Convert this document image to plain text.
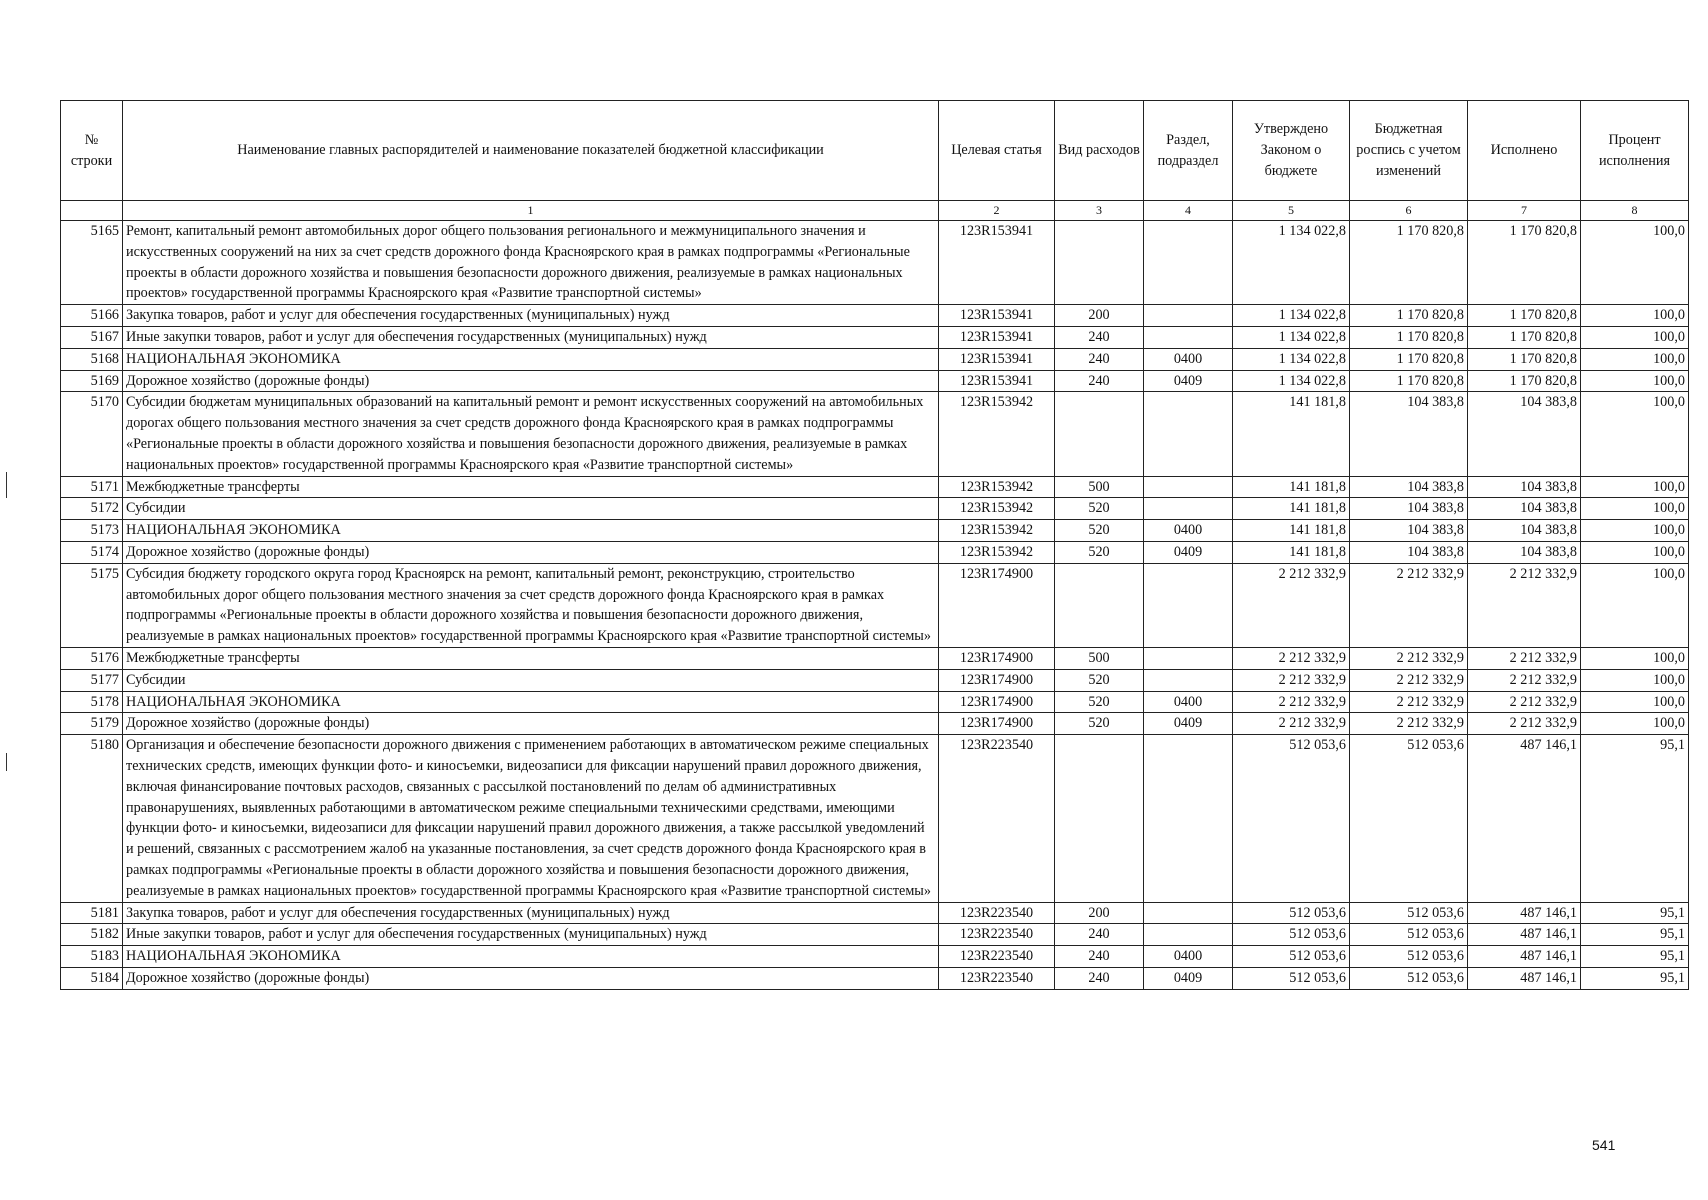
№ строки	Наименование главных распорядителей и наименование показателей бюджетной классификации	Целевая статья	Вид расходов	Раздел, подраздел	Утверждено Законом о бюджете	Бюджетная роспись с учетом изменений	Исполнено	Процент исполнения
	1	2	3	4	5	6	7	8
5165	Ремонт, капитальный ремонт автомобильных дорог общего пользования регионального и межмуниципального значения и искусственных сооружений на них за счет средств дорожного фонда Красноярского края в рамках подпрограммы «Региональные проекты в области дорожного хозяйства и повышения безопасности дорожного движения, реализуемые в рамках национальных проектов» государственной программы Красноярского края «Развитие транспортной системы»	123R153941			1 134 022,8	1 170 820,8	1 170 820,8	100,0
5166	Закупка товаров, работ и услуг для обеспечения государственных (муниципальных) нужд	123R153941	200		1 134 022,8	1 170 820,8	1 170 820,8	100,0
5167	Иные закупки товаров, работ и услуг для обеспечения государственных (муниципальных) нужд	123R153941	240		1 134 022,8	1 170 820,8	1 170 820,8	100,0
5168	НАЦИОНАЛЬНАЯ ЭКОНОМИКА	123R153941	240	0400	1 134 022,8	1 170 820,8	1 170 820,8	100,0
5169	Дорожное хозяйство (дорожные фонды)	123R153941	240	0409	1 134 022,8	1 170 820,8	1 170 820,8	100,0
5170	Субсидии бюджетам муниципальных образований на капитальный ремонт и ремонт искусственных сооружений на автомобильных дорогах общего пользования местного значения за счет средств дорожного фонда Красноярского края в рамках подпрограммы «Региональные проекты в области дорожного хозяйства и повышения безопасности дорожного движения, реализуемые в рамках национальных проектов» государственной программы Красноярского края «Развитие транспортной системы»	123R153942			141 181,8	104 383,8	104 383,8	100,0
5171	Межбюджетные трансферты	123R153942	500		141 181,8	104 383,8	104 383,8	100,0
5172	Субсидии	123R153942	520		141 181,8	104 383,8	104 383,8	100,0
5173	НАЦИОНАЛЬНАЯ ЭКОНОМИКА	123R153942	520	0400	141 181,8	104 383,8	104 383,8	100,0
5174	Дорожное хозяйство (дорожные фонды)	123R153942	520	0409	141 181,8	104 383,8	104 383,8	100,0
5175	Субсидия бюджету городского округа город Красноярск на ремонт, капитальный ремонт, реконструкцию, строительство автомобильных дорог общего пользования местного значения за счет средств дорожного фонда Красноярского края в рамках подпрограммы «Региональные проекты в области дорожного хозяйства и повышения безопасности дорожного движения, реализуемые в рамках национальных проектов» государственной программы Красноярского края «Развитие транспортной системы»	123R174900			2 212 332,9	2 212 332,9	2 212 332,9	100,0
5176	Межбюджетные трансферты	123R174900	500		2 212 332,9	2 212 332,9	2 212 332,9	100,0
5177	Субсидии	123R174900	520		2 212 332,9	2 212 332,9	2 212 332,9	100,0
5178	НАЦИОНАЛЬНАЯ ЭКОНОМИКА	123R174900	520	0400	2 212 332,9	2 212 332,9	2 212 332,9	100,0
5179	Дорожное хозяйство (дорожные фонды)	123R174900	520	0409	2 212 332,9	2 212 332,9	2 212 332,9	100,0
5180	Организация и обеспечение безопасности дорожного движения с применением работающих в автоматическом режиме специальных технических средств, имеющих функции фото- и киносъемки, видеозаписи для фиксации нарушений правил дорожного движения, включая финансирование почтовых расходов, связанных с рассылкой постановлений по делам об административных правонарушениях, выявленных работающими в автоматическом режиме специальными техническими средствами, имеющими функции фото- и киносъемки, видеозаписи для фиксации нарушений правил дорожного движения, а также рассылкой уведомлений и решений, связанных с рассмотрением жалоб на указанные постановления, за счет средств дорожного фонда Красноярского края в рамках подпрограммы «Региональные проекты в области дорожного хозяйства и повышения безопасности дорожного движения, реализуемые в рамках национальных проектов» государственной программы Красноярского края «Развитие транспортной системы»	123R223540			512 053,6	512 053,6	487 146,1	95,1
5181	Закупка товаров, работ и услуг для обеспечения государственных (муниципальных) нужд	123R223540	200		512 053,6	512 053,6	487 146,1	95,1
5182	Иные закупки товаров, работ и услуг для обеспечения государственных (муниципальных) нужд	123R223540	240		512 053,6	512 053,6	487 146,1	95,1
5183	НАЦИОНАЛЬНАЯ ЭКОНОМИКА	123R223540	240	0400	512 053,6	512 053,6	487 146,1	95,1
5184	Дорожное хозяйство (дорожные фонды)	123R223540	240	0409	512 053,6	512 053,6	487 146,1	95,1
541
